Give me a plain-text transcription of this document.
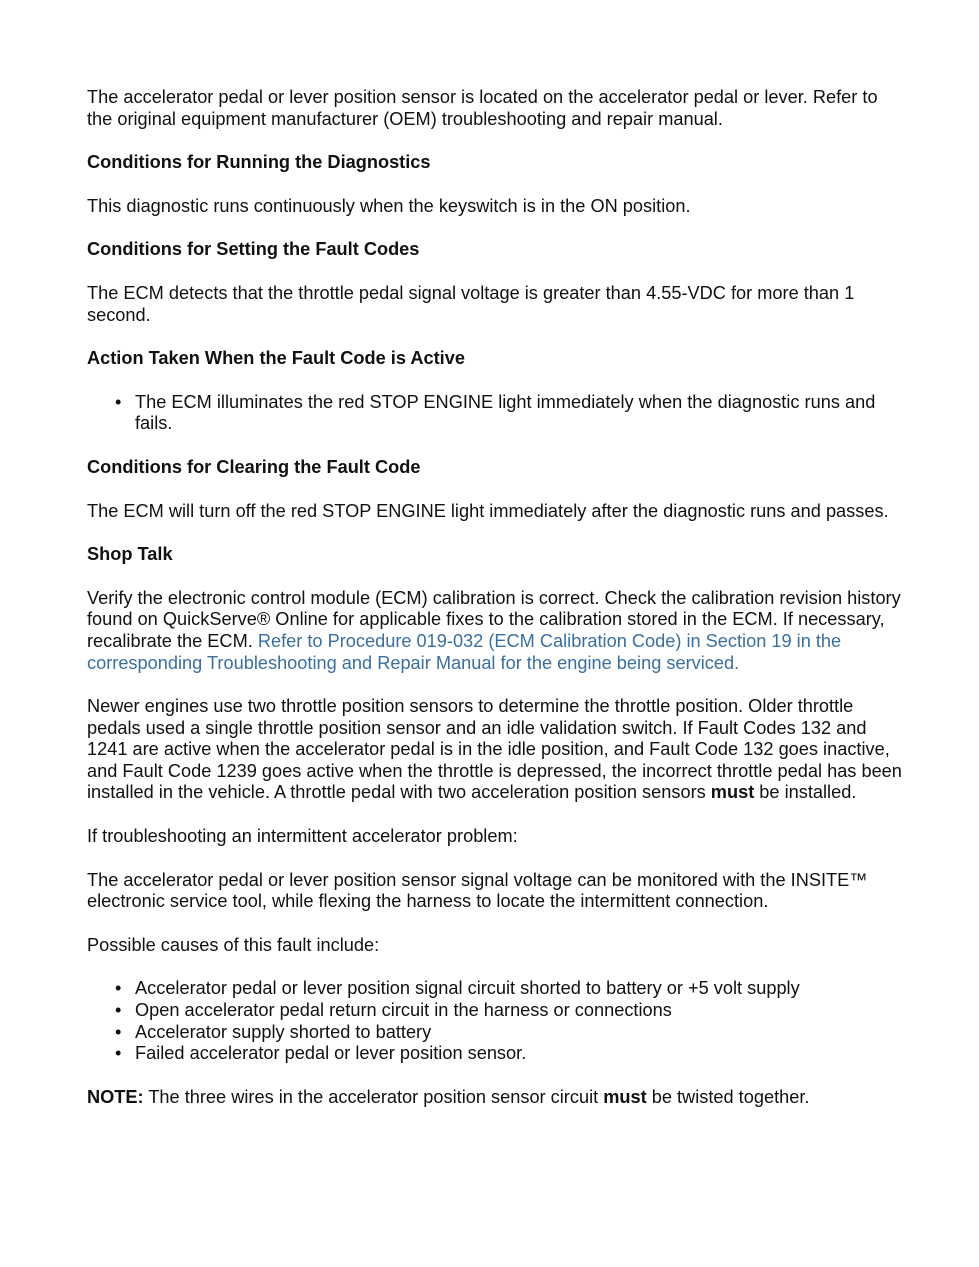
The accelerator pedal or lever position sensor is located on the accelerator pedal or lever. Refer to the original equipment manufacturer (OEM) troubleshooting and repair manual.

Conditions for Running the Diagnostics

This diagnostic runs continuously when the keyswitch is in the ON position.

Conditions for Setting the Fault Codes

The ECM detects that the throttle pedal signal voltage is greater than 4.55-VDC for more than 1 second.

Action Taken When the Fault Code is Active
• The ECM illuminates the red STOP ENGINE light immediately when the diagnostic runs and fails.
Conditions for Clearing the Fault Code

The ECM will turn off the red STOP ENGINE light immediately after the diagnostic runs and passes.

Shop Talk

Verify the electronic control module (ECM) calibration is correct. Check the calibration revision history found on QuickServe® Online for applicable fixes to the calibration stored in the ECM. If necessary, recalibrate the ECM. Refer to Procedure 019-032 (ECM Calibration Code) in Section 19 in the corresponding Troubleshooting and Repair Manual for the engine being serviced.

Newer engines use two throttle position sensors to determine the throttle position. Older throttle pedals used a single throttle position sensor and an idle validation switch. If Fault Codes 132 and 1241 are active when the accelerator pedal is in the idle position, and Fault Code 132 goes inactive, and Fault Code 1239 goes active when the throttle is depressed, the incorrect throttle pedal has been installed in the vehicle. A throttle pedal with two acceleration position sensors must be installed.

If troubleshooting an intermittent accelerator problem:

The accelerator pedal or lever position sensor signal voltage can be monitored with the INSITE™ electronic service tool, while flexing the harness to locate the intermittent connection.

Possible causes of this fault include:

• Accelerator pedal or lever position signal circuit shorted to battery or +5 volt supply
• Open accelerator pedal return circuit in the harness or connections
• Accelerator supply shorted to battery
• Failed accelerator pedal or lever position sensor.

NOTE: The three wires in the accelerator position sensor circuit must be twisted together.
